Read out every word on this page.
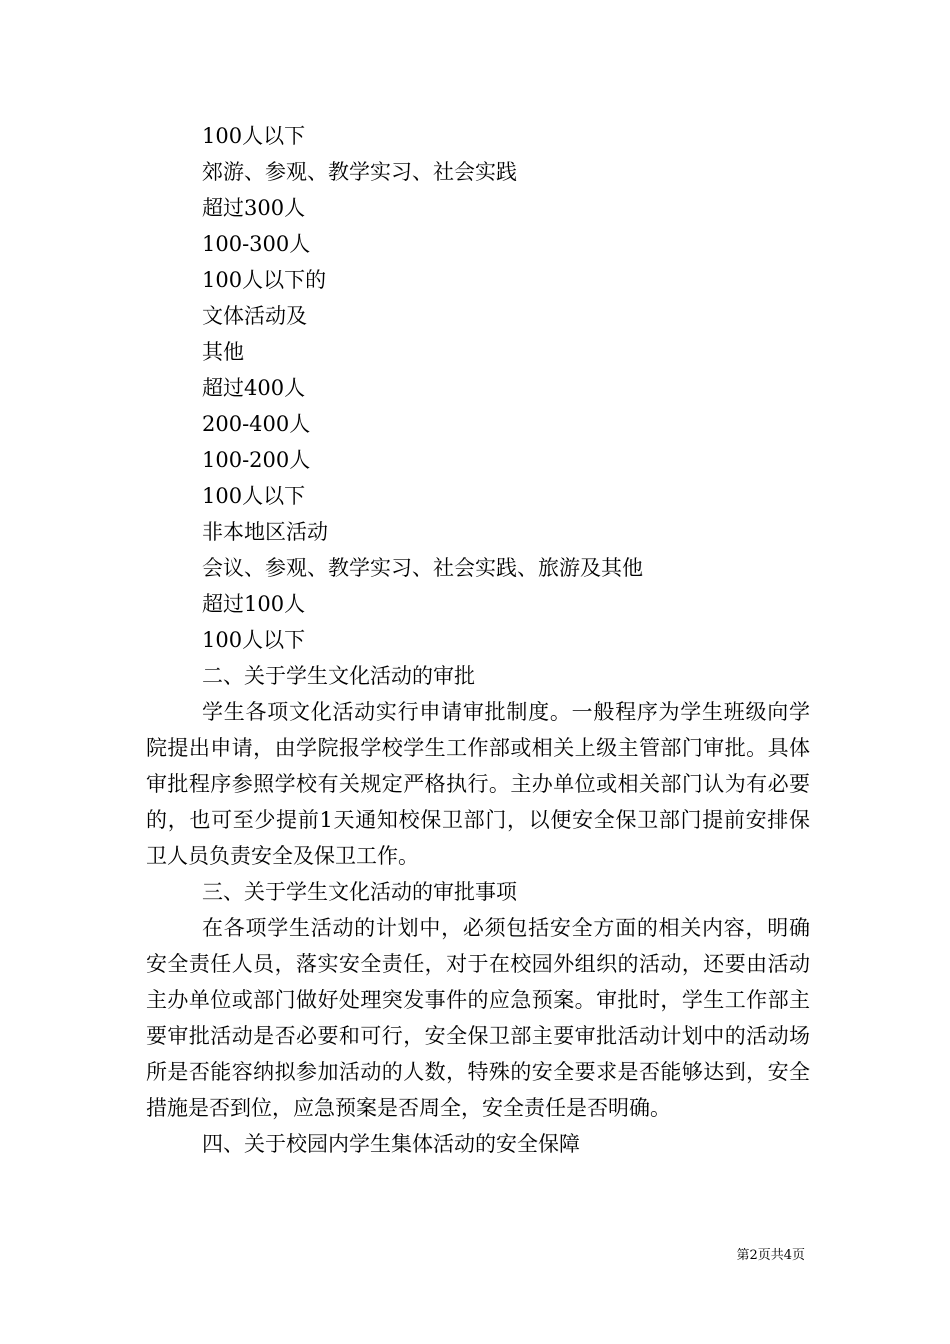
100人以下
郊游、参观、教学实习、社会实践
超过300人
100-300人
100人以下的
文体活动及
其他
超过400人
200-400人
100-200人
100人以下
非本地区活动
会议、参观、教学实习、社会实践、旅游及其他
超过100人
100人以下
二、关于学生文化活动的审批

学生各项文化活动实行申请审批制度。一般程序为学生班级向学院提出申请，由学院报学校学生工作部或相关上级主管部门审批。具体审批程序参照学校有关规定严格执行。主办单位或相关部门认为有必要的，也可至少提前1天通知校保卫部门，以便安全保卫部门提前安排保卫人员负责安全及保卫工作。

三、关于学生文化活动的审批事项

在各项学生活动的计划中，必须包括安全方面的相关内容，明确安全责任人员，落实安全责任，对于在校园外组织的活动，还要由活动主办单位或部门做好处理突发事件的应急预案。审批时，学生工作部主要审批活动是否必要和可行，安全保卫部主要审批活动计划中的活动场所是否能容纳拟参加活动的人数，特殊的安全要求是否能够达到，安全措施是否到位，应急预案是否周全，安全责任是否明确。

四、关于校园内学生集体活动的安全保障
第2页共4页
